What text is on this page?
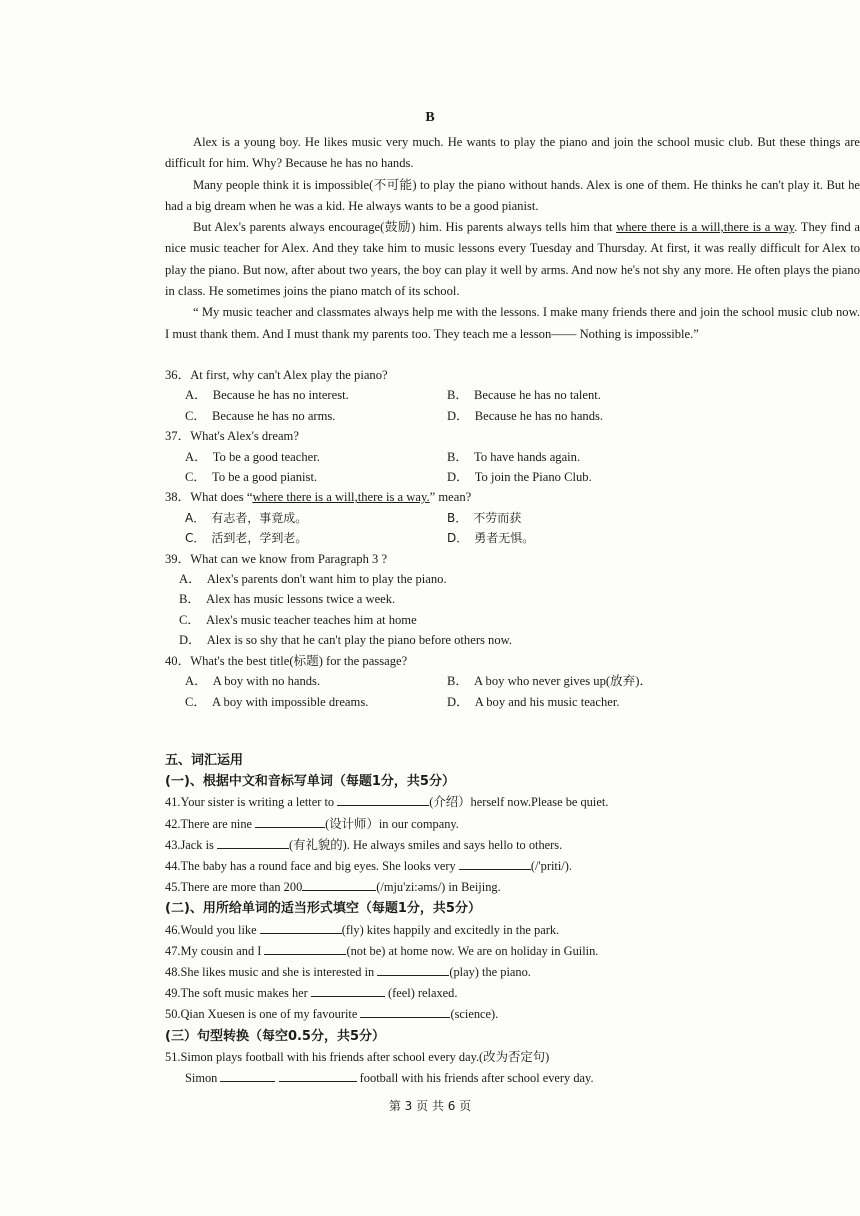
B

Alex is a young boy. He likes music very much. He wants to play the piano and join the school music club. But these things are difficult for him. Why? Because he has no hands.

Many people think it is impossible(不可能) to play the piano without hands. Alex is one of them. He thinks he can't play it. But he had a big dream when he was a kid. He always wants to be a good pianist.

But Alex's parents always encourage(鼓励) him. His parents always tells him that where there is a will,there is a way. They find a nice music teacher for Alex. And they take him to music lessons every Tuesday and Thursday. At first, it was really difficult for Alex to play the piano. But now, after about two years, the boy can play it well by arms. And now he's not shy any more. He often plays the piano in class. He sometimes joins the piano match of its school.

“ My music teacher and classmates always help me with the lessons. I make many friends there and join the school music club now. I must thank them. And I must thank my parents too. They teach me a lesson—— Nothing is impossible.”

36．At first, why can't Alex play the piano?

A． Because he has no interest.	B． Because he has no talent.
C． Because he has no arms.	D． Because he has no hands.

37．What's Alex's dream?

A． To be a good teacher.	B． To have hands again.
C． To be a good pianist.	D． To join the Piano Club.

38．What does “where there is a will,there is a way.” mean?

A． 有志者，事竟成。	B． 不劳而获
C． 活到老，学到老。	D． 勇者无惧。

39．What can we know from Paragraph 3 ?

A． Alex's parents don't want him to play the piano.
B． Alex has music lessons twice a week.
C． Alex's music teacher teaches him at home
D． Alex is so shy that he can't play the piano before others now.

40．What's the best title(标题) for the passage?

A． A boy with no hands.	B． A boy who never gives up(放弃)．
C． A boy with impossible dreams.	D． A boy and his music teacher.

五、词汇运用

(一)、根据中文和音标写单词（每题1分，共5分）

41.Your sister is writing a letter to	(介绍）herself now.Please be quiet.

42.There are nine	(设计师）in our company.

43.Jack is	(有礼貌的). He always smiles and says hello to others.

44.The baby has a round face and big eyes. She looks very	(/'priti/).

45.There are more than 200	(/mju'zi:əms/) in Beijing.

(二)、用所给单词的适当形式填空（每题1分，共5分）

46.Would you like	(fly) kites happily and excitedly in the park.

47.My cousin and I	(not be) at home now. We are on holiday in Guilin.

48.She likes music and she is interested in	(play) the piano.

49.The soft music makes her	(feel) relaxed.

50.Qian Xuesen is one of my favourite	(science).

(三）句型转换（每空0.5分，共5分）

51.Simon plays football with his friends after school every day.(改为否定句)

Simon	football with his friends after school every day.

第 3 页 共 6 页
